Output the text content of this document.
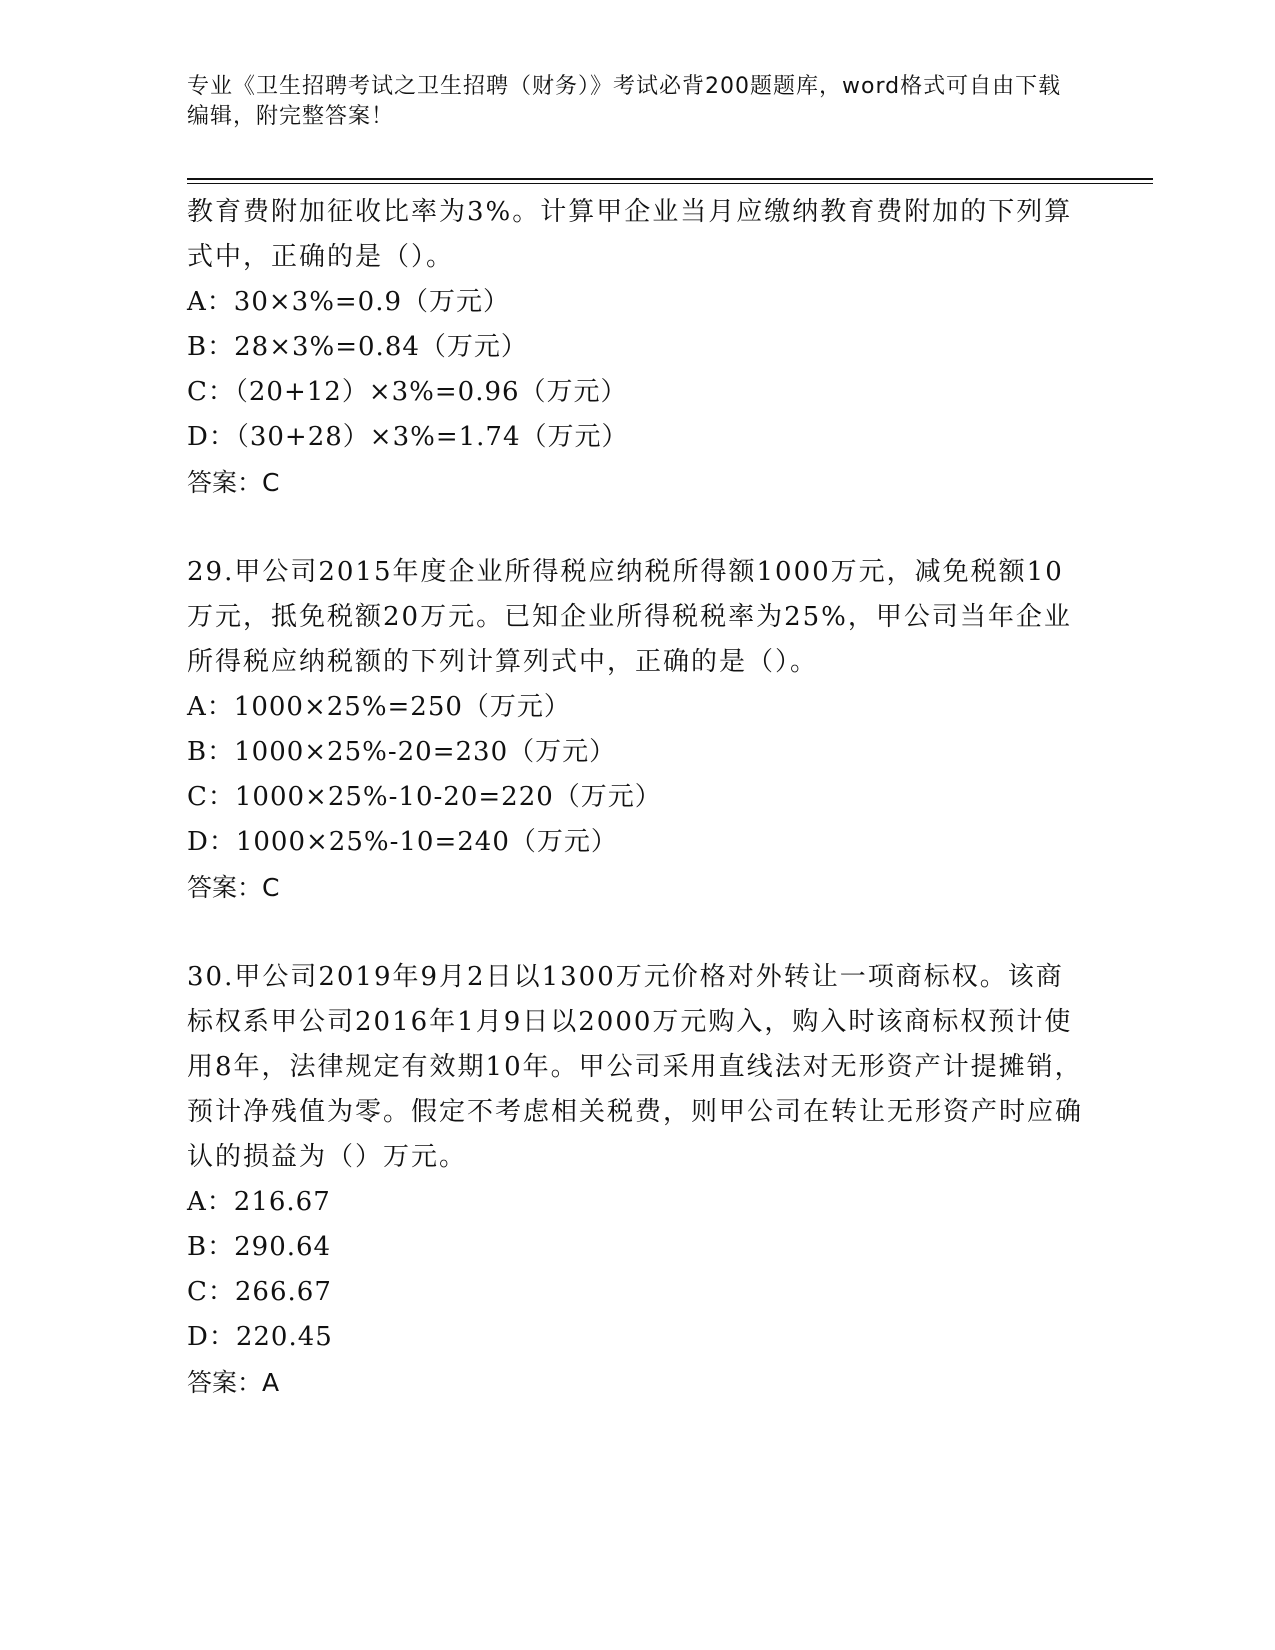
专业《卫生招聘考试之卫生招聘（财务）》考试必背200题题库，word格式可自由下载编辑，附完整答案！

教育费附加征收比率为3%。计算甲企业当月应缴纳教育费附加的下列算式中，正确的是（）。

A：30×3%=0.9（万元）

B：28×3%=0.84（万元）

C：（20+12）×3%=0.96（万元）

D：（30+28）×3%=1.74（万元）

答案：C

29.甲公司2015年度企业所得税应纳税所得额1000万元，减免税额10万元，抵免税额20万元。已知企业所得税税率为25%，甲公司当年企业所得税应纳税额的下列计算列式中，正确的是（）。

A：1000×25%=250（万元）

B：1000×25%-20=230（万元）

C：1000×25%-10-20=220（万元）

D：1000×25%-10=240（万元）

答案：C

30.甲公司2019年9月2日以1300万元价格对外转让一项商标权。该商标权系甲公司2016年1月9日以2000万元购入，购入时该商标权预计使用8年，法律规定有效期10年。甲公司采用直线法对无形资产计提摊销，预计净残值为零。假定不考虑相关税费，则甲公司在转让无形资产时应确认的损益为（）万元。

A：216.67

B：290.64

C：266.67

D：220.45

答案：A
